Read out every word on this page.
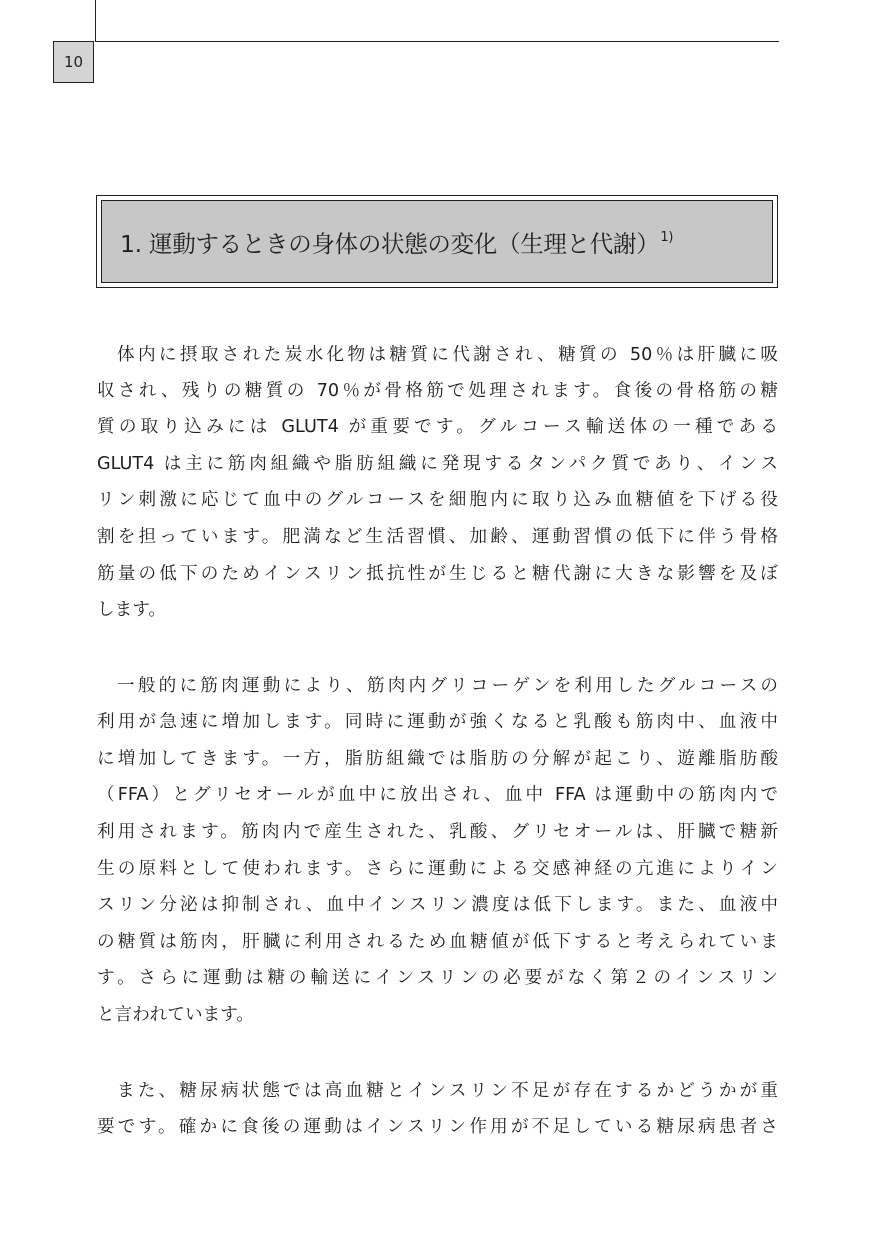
10
1. 運動するときの身体の状態の変化（生理と代謝）$^{1)}$
体内に摂取された炭水化物は糖質に代謝され、糖質の 50％は肝臓に吸
収され、残りの糖質の 70％が骨格筋で処理されます。食後の骨格筋の糖
質の取り込みには GLUT4 が重要です。グルコース輸送体の一種である
GLUT4 は主に筋肉組織や脂肪組織に発現するタンパク質であり、インス
リン刺激に応じて血中のグルコースを細胞内に取り込み血糖値を下げる役
割を担っています。肥満など生活習慣、加齢、運動習慣の低下に伴う骨格
筋量の低下のためインスリン抵抗性が生じると糖代謝に大きな影響を及ぼ
します。
一般的に筋肉運動により、筋肉内グリコーゲンを利用したグルコースの
利用が急速に増加します。同時に運動が強くなると乳酸も筋肉中、血液中
に増加してきます。一方，脂肪組織では脂肪の分解が起こり、遊離脂肪酸
（FFA）とグリセオールが血中に放出され、血中 FFA は運動中の筋肉内で
利用されます。筋肉内で産生された、乳酸、グリセオールは、肝臓で糖新
生の原料として使われます。さらに運動による交感神経の亢進によりイン
スリン分泌は抑制され、血中インスリン濃度は低下します。また、血液中
の糖質は筋肉，肝臓に利用されるため血糖値が低下すると考えられていま
す。さらに運動は糖の輸送にインスリンの必要がなく第２のインスリン
と言われています。
また、糖尿病状態では高血糖とインスリン不足が存在するかどうかが重
要です。確かに食後の運動はインスリン作用が不足している糖尿病患者さ
